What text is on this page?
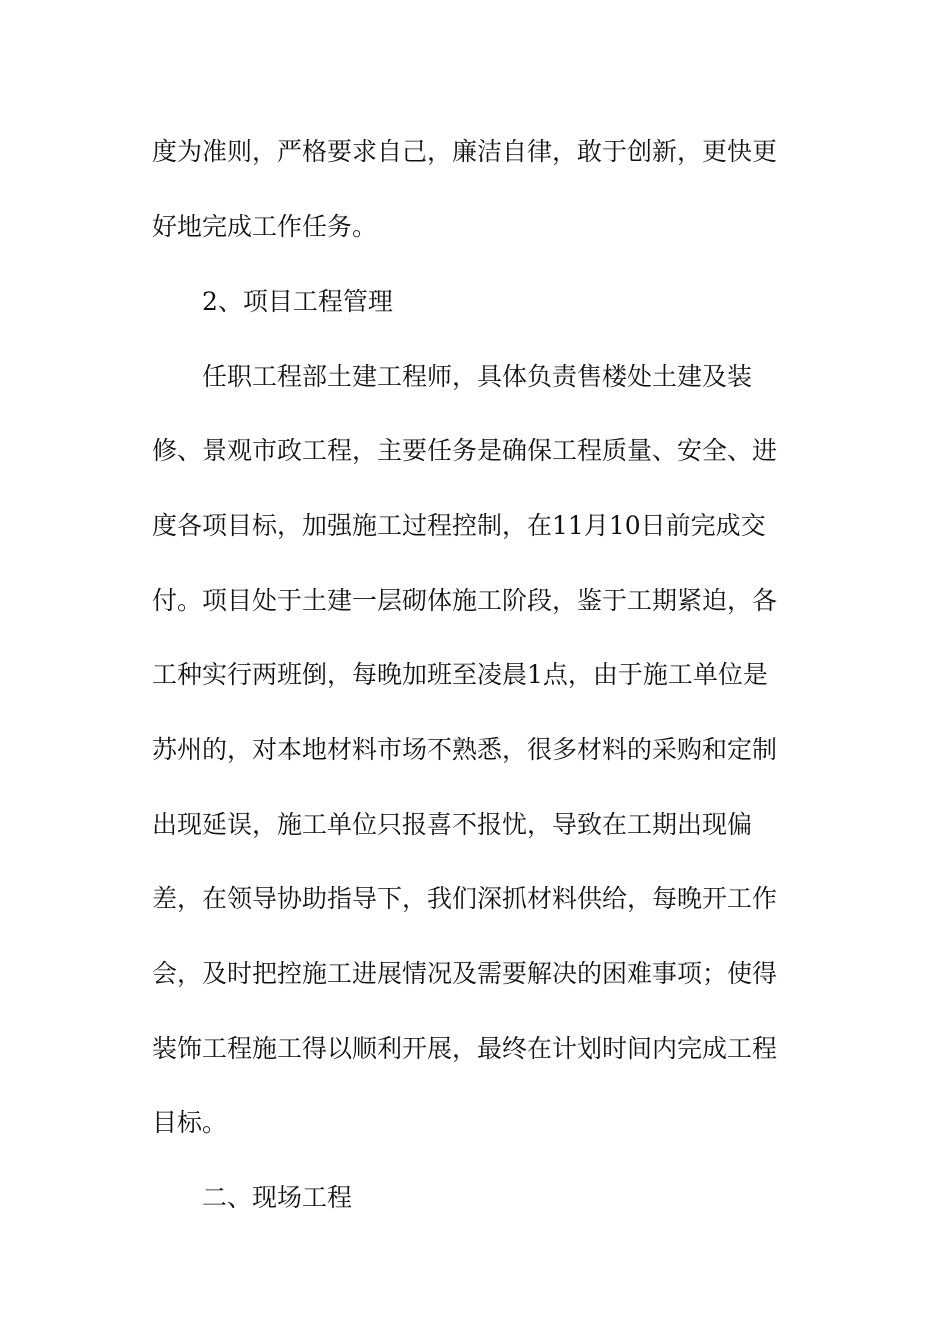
度为准则，严格要求自己，廉洁自律，敢于创新，更快更

好地完成工作任务。

2、项目工程管理

任职工程部土建工程师，具体负责售楼处土建及装

修、景观市政工程，主要任务是确保工程质量、安全、进

度各项目标，加强施工过程控制，在11月10日前完成交

付。项目处于土建一层砌体施工阶段，鉴于工期紧迫，各

工种实行两班倒，每晚加班至凌晨1点，由于施工单位是

苏州的，对本地材料市场不熟悉，很多材料的采购和定制

出现延误，施工单位只报喜不报忧，导致在工期出现偏

差，在领导协助指导下，我们深抓材料供给，每晚开工作

会，及时把控施工进展情况及需要解决的困难事项；使得

装饰工程施工得以顺利开展，最终在计划时间内完成工程

目标。

二、现场工程
